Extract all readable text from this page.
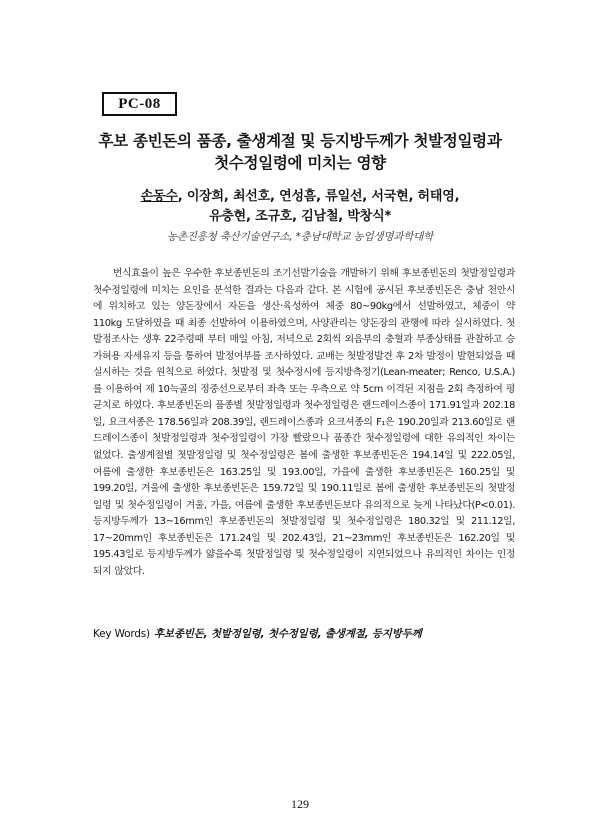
PC-08
후보 종빈돈의 품종, 출생계절 및 등지방두께가 첫발정일령과
첫수정일령에 미치는 영향
손동수, 이장희, 최선호, 연성흠, 류일선, 서국현, 허태영,
유충현, 조규호, 김남철, 박창식*
농촌진흥청 축산기술연구소, *충남대학교 농업생명과학대학
번식효율이 높은 우수한 후보종빈돈의 조기선발기술을 개발하기 위해 후보종빈돈의 첫발정일령과 첫수정일령에 미치는 요인을 분석한 결과는 다음과 같다. 본 시험에 공시된 후보종빈돈은 충남 천안시에 위치하고 있는 양돈장에서 자돈을 생산·육성하여 체중 80~90kg에서 선발하였고, 체중이 약 110kg 도달하였을 때 최종 선발하여 이용하였으며, 사양관리는 양돈장의 관행에 따라 실시하였다. 첫발정조사는 생후 22주령때 부터 매일 아침, 저녁으로 2회씩 외음부의 충혈과 부종상태를 관찰하고 승가허용 자세유지 등을 통하여 발정여부를 조사하였다. 교배는 첫발정발견 후 2차 발정이 발현되었을 때 실시하는 것을 원칙으로 하였다. 첫발정 및 첫수정시에 등지방측정기(Lean-meater; Renco, U.S.A.)를 이용하여 제 10늑골의 정중선으로부터 좌측 또는 우측으로 약 5cm 이격된 지점을 2회 측정하여 평균치로 하였다. 후보종빈돈의 품종별 첫발정일령과 첫수정일령은 랜드레이스종이 171.91일과 202.18일, 요크셔종은 178.56일과 208.39일, 랜드레이스종과 요크셔종의 F₁은 190.20일과 213.60일로 랜드레이스종이 첫발정일령과 첫수정일령이 가장 빨랐으나 품종간 첫수정일령에 대한 유의적인 차이는 없었다. 출생계절별 첫발정일령 및 첫수정일령은 봄에 출생한 후보종빈돈은 194.14일 및 222.05일, 여름에 출생한 후보종빈돈은 163.25일 및 193.00일, 가을에 출생한 후보종빈돈은 160.25일 및 199.20일, 겨울에 출생한 후보종빈돈은 159.72일 및 190.11일로 봄에 출생한 후보종빈돈의 첫발정일령 및 첫수정일령이 겨울, 가을, 여름에 출생한 후보종빈돈보다 유의적으로 늦게 나타났다(P<0.01). 등지방두께가 13~16mm인 후보종빈돈의 첫발정일령 및 첫수정일령은 180.32일 및 211.12일, 17~20mm인 후보종빈돈은 171.24일 및 202.43일, 21~23mm인 후보종빈돈은 162.20일 및 195.43일로 등지방두께가 얇을수록 첫발정일령 및 첫수정일령이 지연되었으나 유의적인 차이는 인정되지 않았다.
Key Words) 후보종빈돈, 첫발정일령, 첫수정일령, 출생계절, 등지방두께
129
